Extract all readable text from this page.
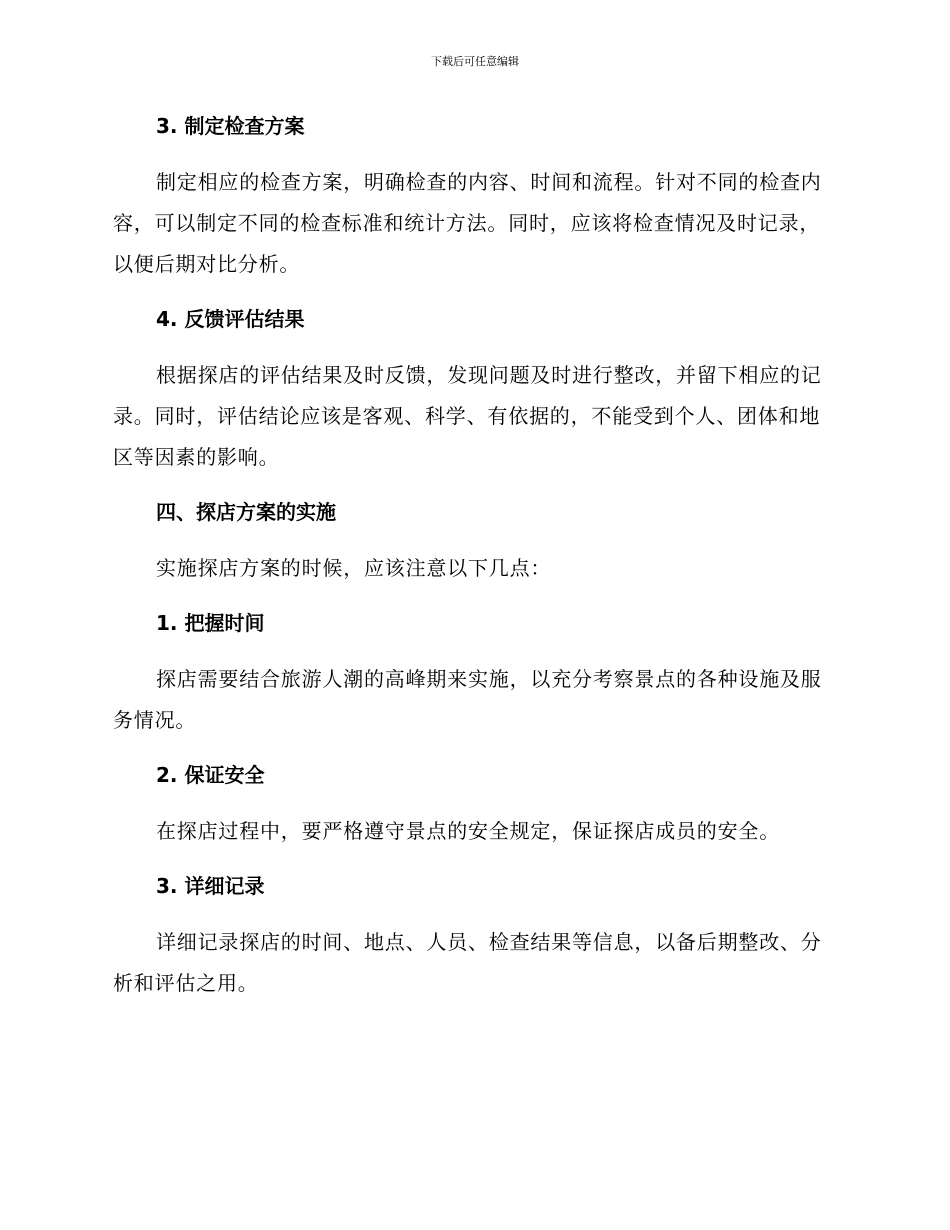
下载后可任意编辑

3. 制定检查方案

制定相应的检查方案，明确检查的内容、时间和流程。针对不同的检查内容，可以制定不同的检查标准和统计方法。同时，应该将检查情况及时记录，以便后期对比分析。

4. 反馈评估结果

根据探店的评估结果及时反馈，发现问题及时进行整改，并留下相应的记录。同时，评估结论应该是客观、科学、有依据的，不能受到个人、团体和地区等因素的影响。

四、探店方案的实施

实施探店方案的时候，应该注意以下几点：

1. 把握时间

探店需要结合旅游人潮的高峰期来实施，以充分考察景点的各种设施及服务情况。

2. 保证安全

在探店过程中，要严格遵守景点的安全规定，保证探店成员的安全。

3. 详细记录

详细记录探店的时间、地点、人员、检查结果等信息，以备后期整改、分析和评估之用。
